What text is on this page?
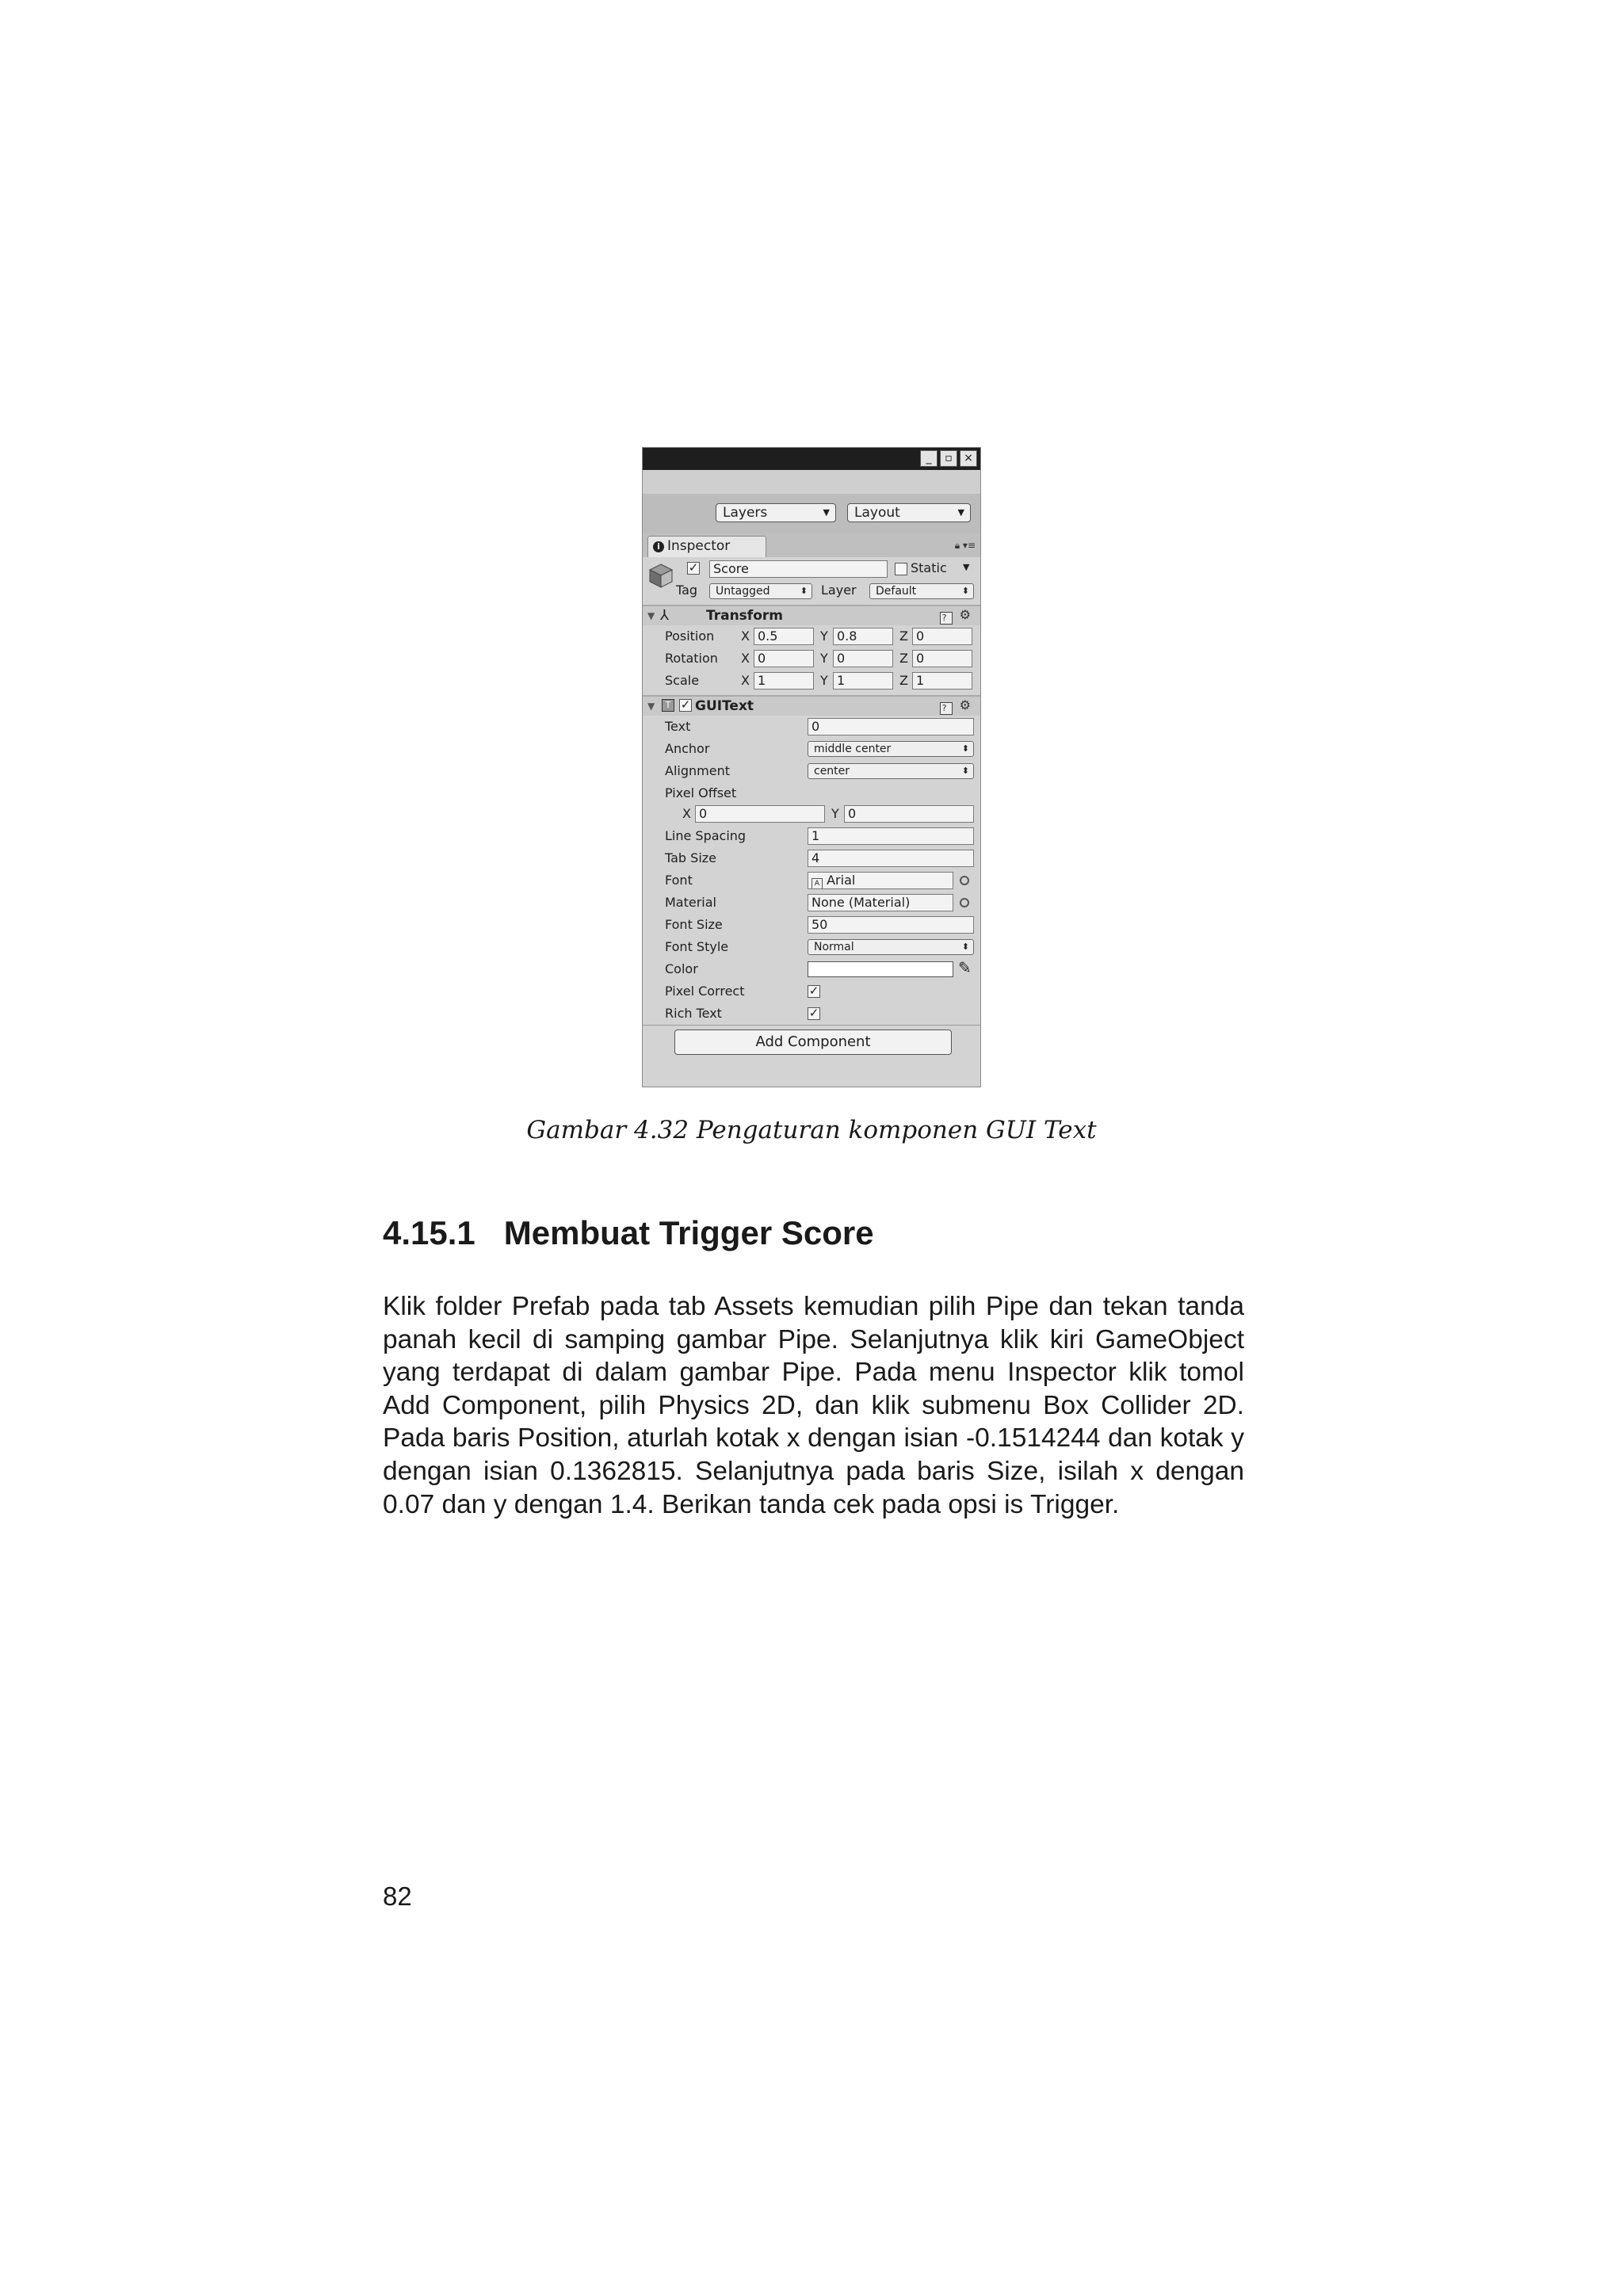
_	▫	×
Layers	▼	Layout	▼
i Inspector	🔒︎ ▾≡
✓	Score	Static ▼
Tag	Untagged	⬍ Layer	Default	⬍
▼ ⅄	Transform	? ⚙
Position X 0.5	Y 0.8	Z 0
Rotation X 0	Y 0	Z 0
Scale	X 1	Y 1	Z 1
▼	T ✓ GUIText	? ⚙
Text	0
Anchor	middle center	⬍
Alignment	center	⬍
Pixel Offset
X 0	Y 0
Line Spacing	1
Tab Size	4
Font	A Arial
Material	None (Material)
Font Size	50
Font Style	Normal	⬍
Color	✎
Pixel Correct	✓
Rich Text	✓
Add Component
Gambar 4.32 Pengaturan komponen GUI Text
4.15.1 Membuat Trigger Score

Klik folder Prefab pada tab Assets kemudian pilih Pipe dan tekan tanda panah kecil di samping gambar Pipe. Selanjutnya klik kiri GameObject yang terdapat di dalam gambar Pipe. Pada menu Inspector klik tomol Add Component, pilih Physics 2D, dan klik submenu Box Collider 2D. Pada baris Position, aturlah kotak x dengan isian -0.1514244 dan kotak y dengan isian 0.1362815. Selanjutnya pada baris Size, isilah x dengan 0.07 dan y dengan 1.4. Berikan tanda cek pada opsi is Trigger.

82
